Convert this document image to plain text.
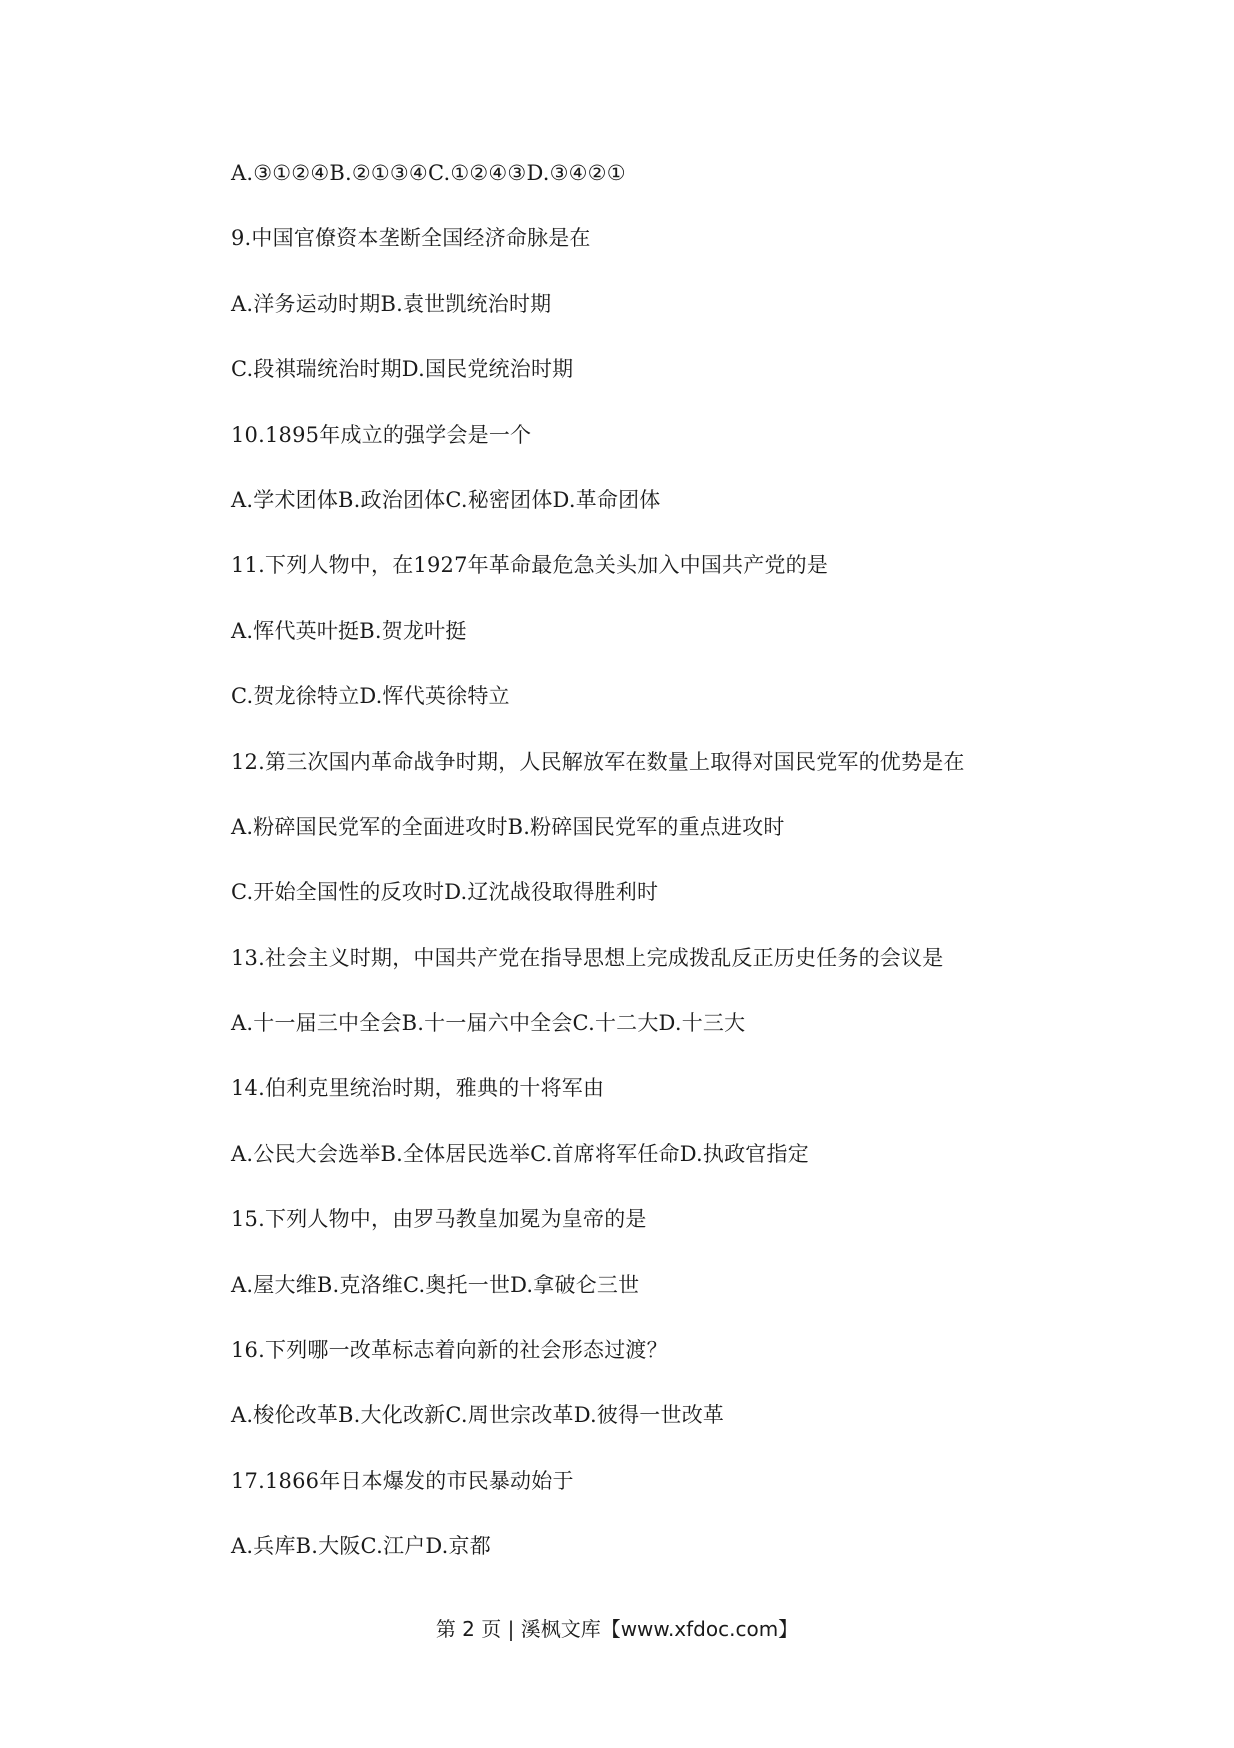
A.③①②④B.②①③④C.①②④③D.③④②①
9.中国官僚资本垄断全国经济命脉是在
A.洋务运动时期B.袁世凯统治时期
C.段祺瑞统治时期D.国民党统治时期
10.1895年成立的强学会是一个
A.学术团体B.政治团体C.秘密团体D.革命团体
11.下列人物中，在1927年革命最危急关头加入中国共产党的是
A.恽代英叶挺B.贺龙叶挺
C.贺龙徐特立D.恽代英徐特立
12.第三次国内革命战争时期，人民解放军在数量上取得对国民党军的优势是在
A.粉碎国民党军的全面进攻时B.粉碎国民党军的重点进攻时
C.开始全国性的反攻时D.辽沈战役取得胜利时
13.社会主义时期，中国共产党在指导思想上完成拨乱反正历史任务的会议是
A.十一届三中全会B.十一届六中全会C.十二大D.十三大
14.伯利克里统治时期，雅典的十将军由
A.公民大会选举B.全体居民选举C.首席将军任命D.执政官指定
15.下列人物中，由罗马教皇加冕为皇帝的是
A.屋大维B.克洛维C.奥托一世D.拿破仑三世
16.下列哪一改革标志着向新的社会形态过渡？
A.梭伦改革B.大化改新C.周世宗改革D.彼得一世改革
17.1866年日本爆发的市民暴动始于
A.兵库B.大阪C.江户D.京都
第 2 页 | 溪枫文库【www.xfdoc.com】
